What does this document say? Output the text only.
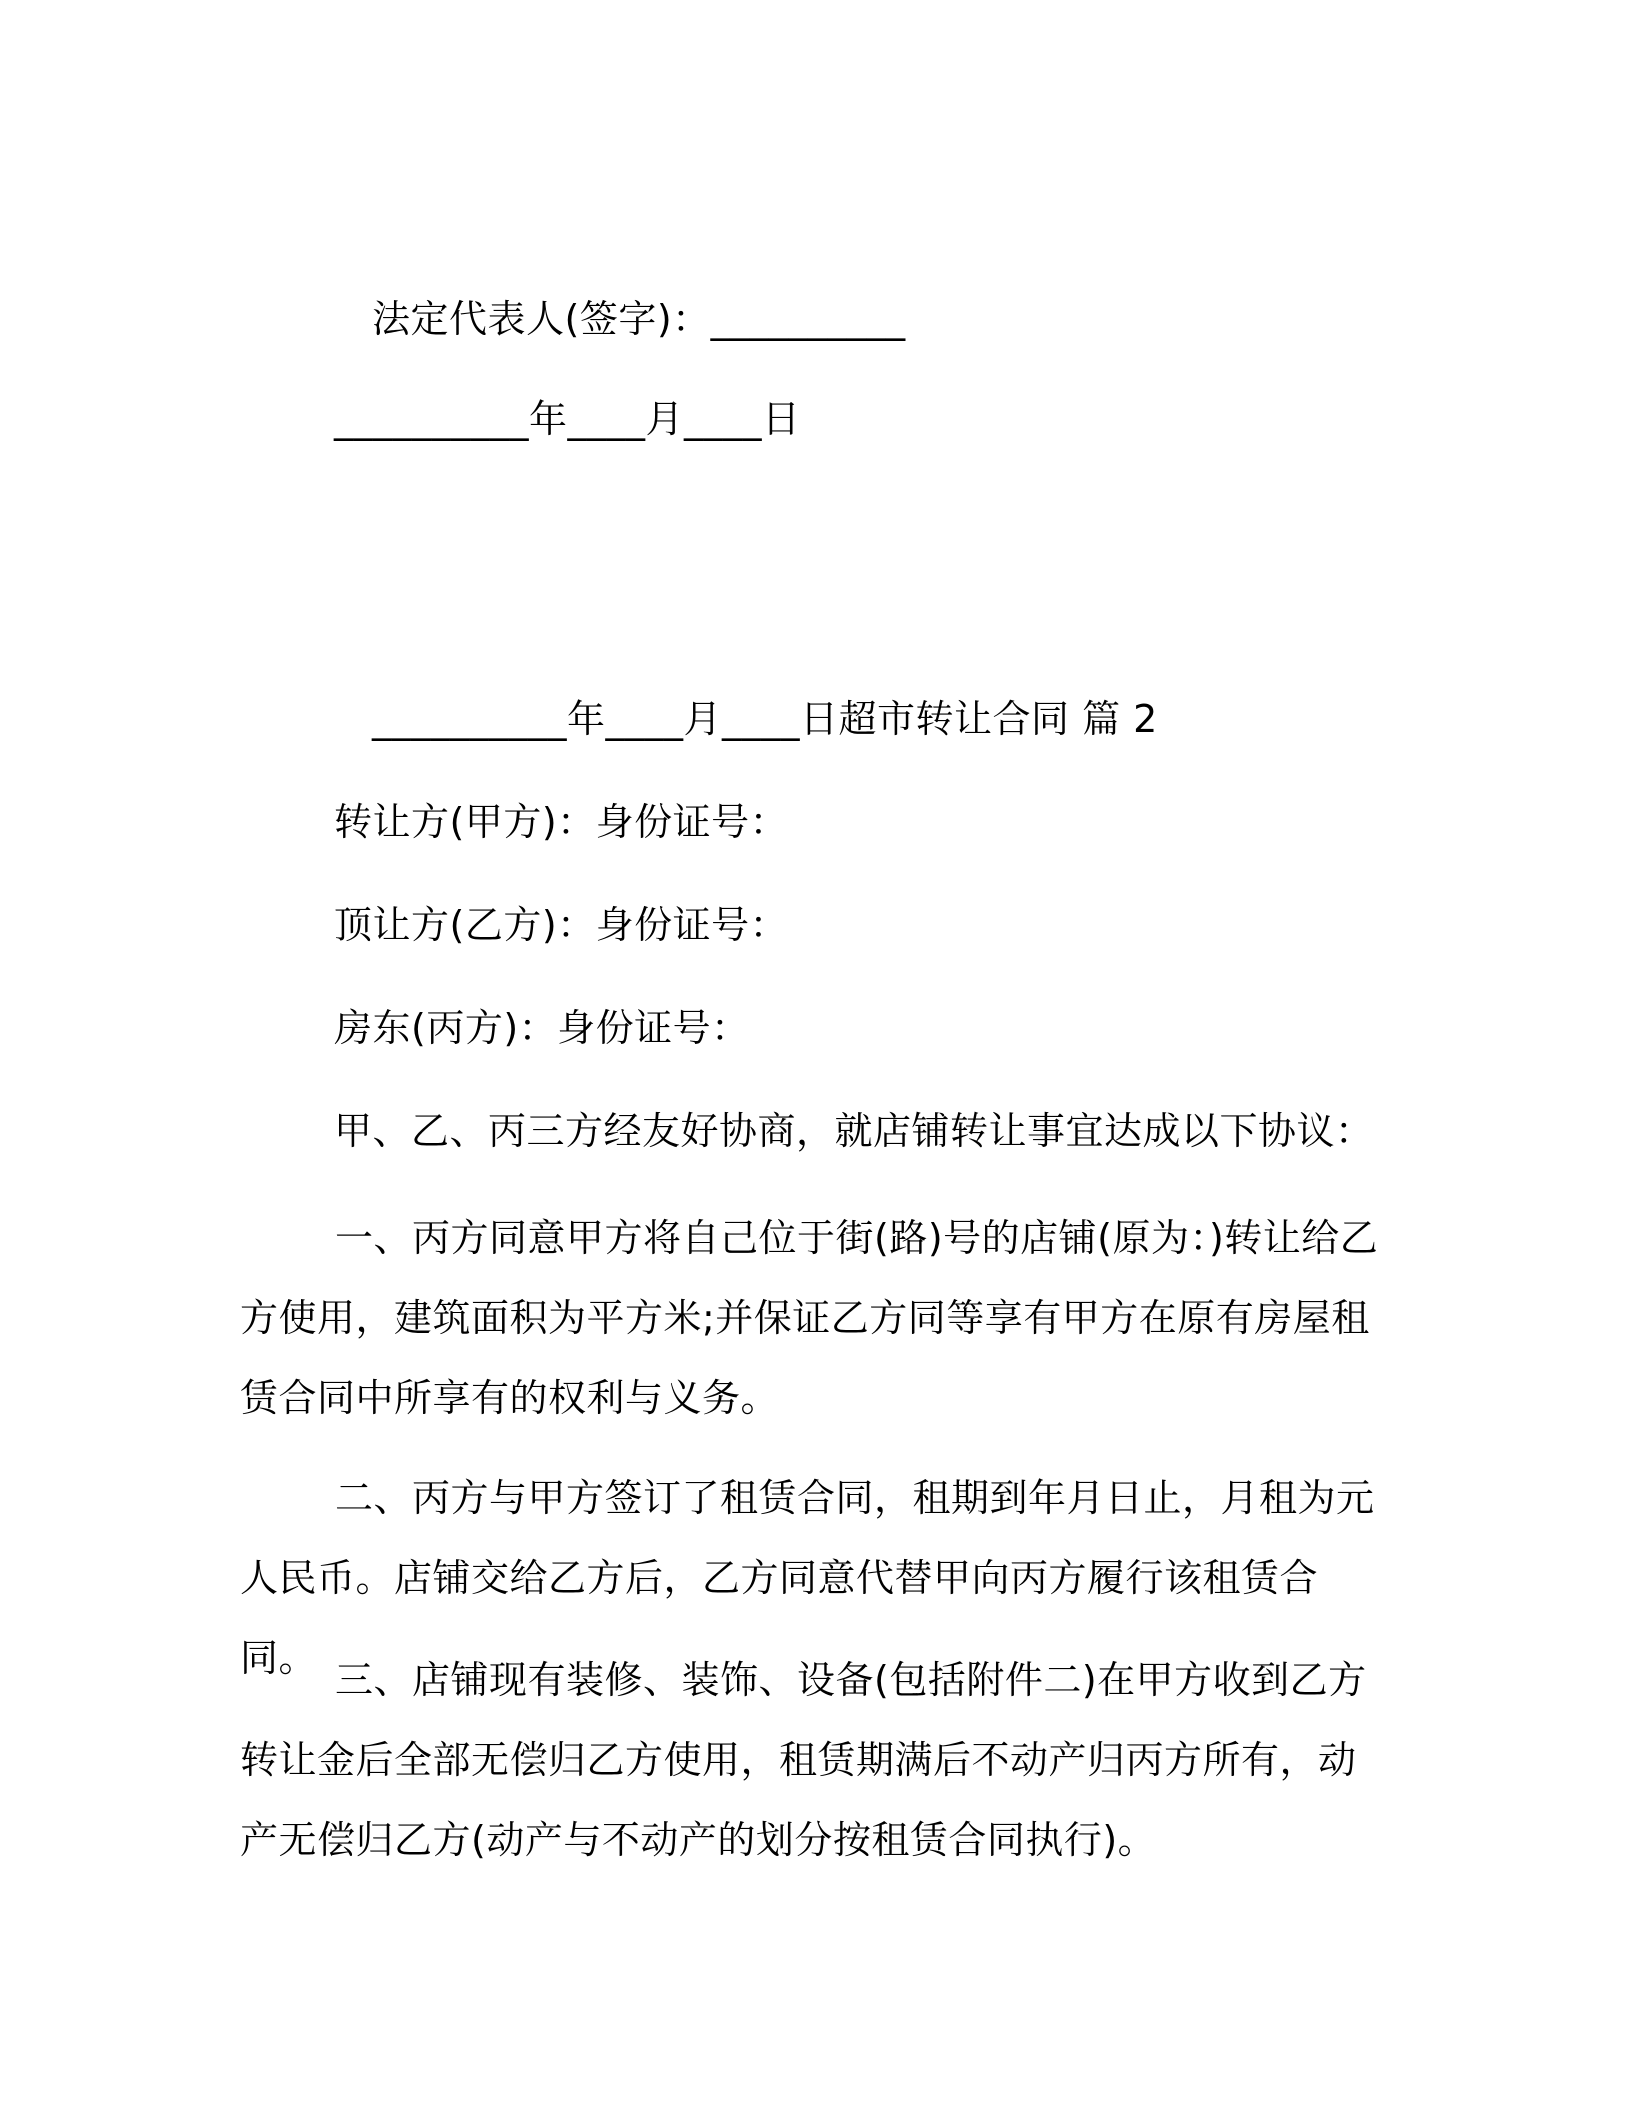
法定代表人(签字)：__________
__________年____月____日
__________年____月____日超市转让合同 篇 2
转让方(甲方)：身份证号：
顶让方(乙方)：身份证号：
房东(丙方)：身份证号：
甲、乙、丙三方经友好协商，就店铺转让事宜达成以下协议：
一、丙方同意甲方将自己位于街(路)号的店铺(原为：)转让给乙方使用，建筑面积为平方米;并保证乙方同等享有甲方在原有房屋租赁合同中所享有的权利与义务。
二、丙方与甲方签订了租赁合同，租期到年月日止，月租为元人民币。店铺交给乙方后，乙方同意代替甲向丙方履行该租赁合同。 三、店铺现有装修、装饰、设备(包括附件二)在甲方收到乙方转让金后全部无偿归乙方使用，租赁期满后不动产归丙方所有，动产无偿归乙方(动产与不动产的划分按租赁合同执行)。
